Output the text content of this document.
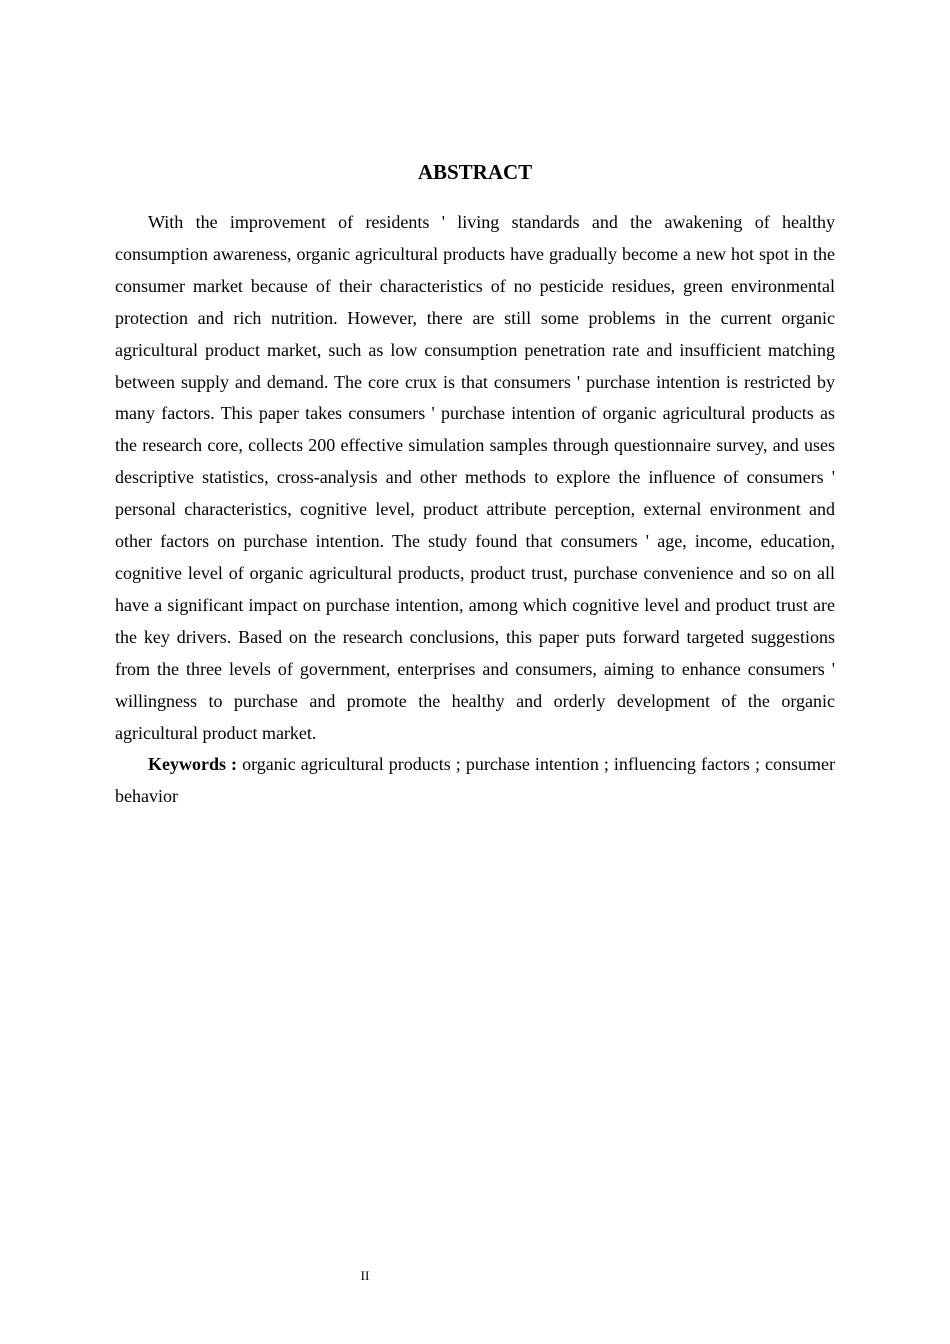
ABSTRACT

With the improvement of residents ' living standards and the awakening of healthy consumption awareness, organic agricultural products have gradually become a new hot spot in the consumer market because of their characteristics of no pesticide residues, green environmental protection and rich nutrition. However, there are still some problems in the current organic agricultural product market, such as low consumption penetration rate and insufficient matching between supply and demand. The core crux is that consumers ' purchase intention is restricted by many factors. This paper takes consumers ' purchase intention of organic agricultural products as the research core, collects 200 effective simulation samples through questionnaire survey, and uses descriptive statistics, cross-analysis and other methods to explore the influence of consumers ' personal characteristics, cognitive level, product attribute perception, external environment and other factors on purchase intention. The study found that consumers ' age, income, education, cognitive level of organic agricultural products, product trust, purchase convenience and so on all have a significant impact on purchase intention, among which cognitive level and product trust are the key drivers. Based on the research conclusions, this paper puts forward targeted suggestions from the three levels of government, enterprises and consumers, aiming to enhance consumers ' willingness to purchase and promote the healthy and orderly development of the organic agricultural product market.

Keywords : organic agricultural products ; purchase intention ; influencing factors ; consumer behavior

II
